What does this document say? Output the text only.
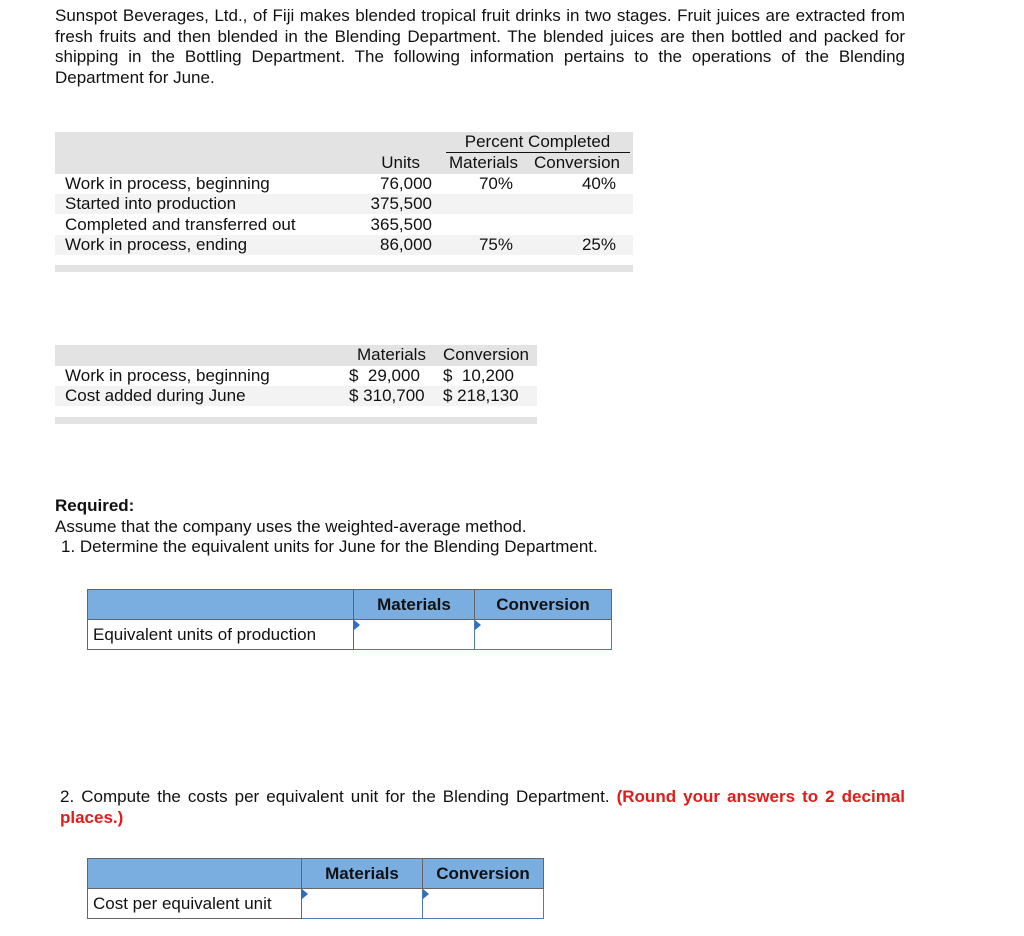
Sunspot Beverages, Ltd., of Fiji makes blended tropical fruit drinks in two stages. Fruit juices are extracted from fresh fruits and then blended in the Blending Department. The blended juices are then bottled and packed for shipping in the Bottling Department. The following information pertains to the operations of the Blending Department for June.
Percent Completed
Units Materials Conversion
Work in process, beginning	76,000	70%	40%
Started into production	375,500
Completed and transferred out	365,500
Work in process, ending	86,000	75%	25%
Materials Conversion
Work in process, beginning	$  29,000 $  10,200
Cost added during June	$ 310,700 $ 218,130
Required:
Assume that the company uses the weighted-average method.
1. Determine the equivalent units for June for the Blending Department.
	Materials	Conversion
Equivalent units of production		
2. Compute the costs per equivalent unit for the Blending Department. (Round your answers to 2 decimal places.)
	Materials	Conversion
Cost per equivalent unit		
